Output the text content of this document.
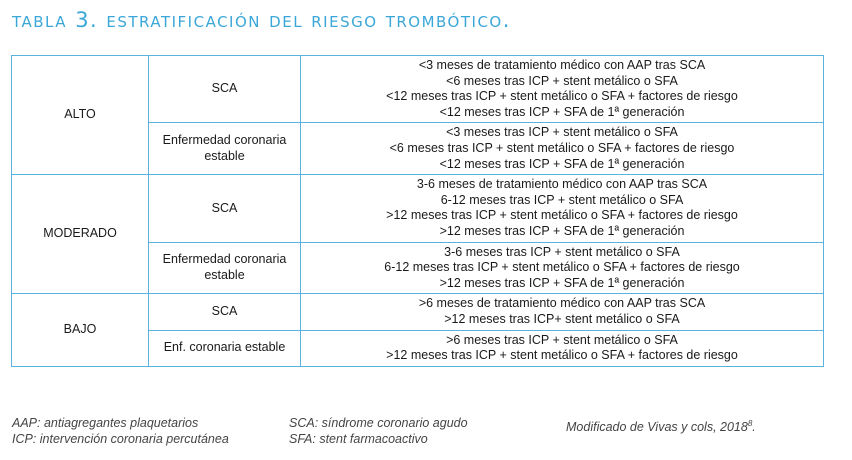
tabla 3. estratificación del riesgo trombótico.
ALTO	SCA	<3 meses de tratamiento médico con AAP tras SCA
<6 meses tras ICP + stent metálico o SFA
<12 meses tras ICP + stent metálico o SFA + factores de riesgo
<12 meses tras ICP + SFA de 1ª generación

	Enfermedad coronaria
estable	<3 meses tras ICP + stent metálico o SFA
<6 meses tras ICP + stent metálico o SFA + factores de riesgo
<12 meses tras ICP + SFA de 1ª generación

MODERADO	SCA	3-6 meses de tratamiento médico con AAP tras SCA
6-12 meses tras ICP + stent metálico o SFA
>12 meses tras ICP + stent metálico o SFA + factores de riesgo
>12 meses tras ICP + SFA de 1ª generación

	Enfermedad coronaria
estable	3-6 meses tras ICP + stent metálico o SFA
6-12 meses tras ICP + stent metálico o SFA + factores de riesgo
>12 meses tras ICP + SFA de 1ª generación

BAJO	SCA	>6 meses de tratamiento médico con AAP tras SCA
>12 meses tras ICP+ stent metálico o SFA

	Enf. coronaria estable	>6 meses tras ICP + stent metálico o SFA
>12 meses tras ICP + stent metálico o SFA + factores de riesgo
AAP: antiagregantes plaquetarios
ICP: intervención coronaria percutánea
SCA: síndrome coronario agudo
SFA: stent farmacoactivo
Modificado de Vivas y cols, 2018$^8$.
